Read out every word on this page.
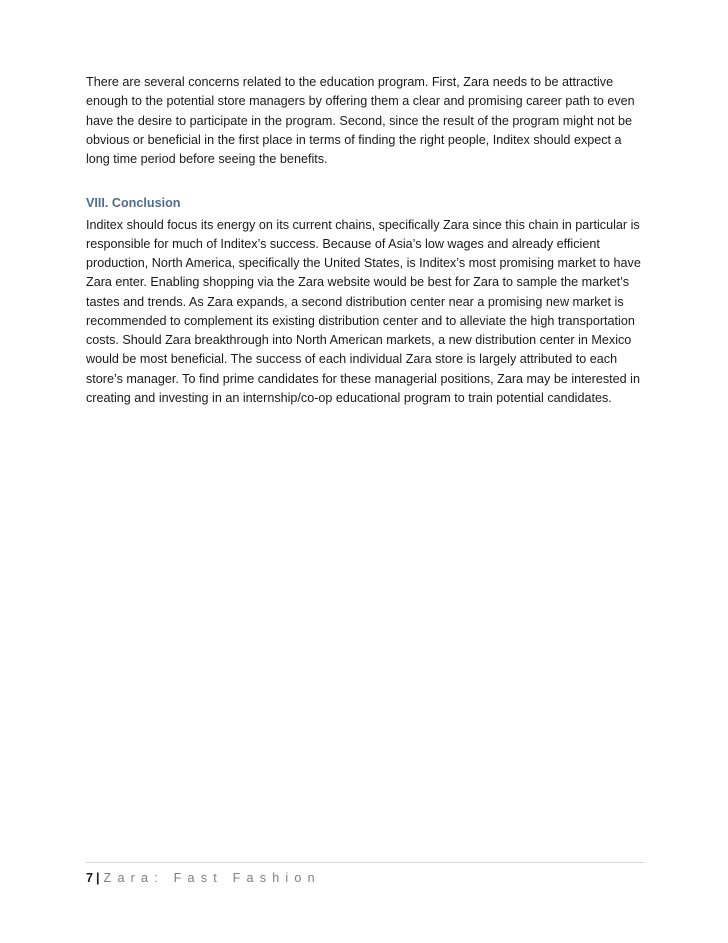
There are several concerns related to the education program. First, Zara needs to be attractive enough to the potential store managers by offering them a clear and promising career path to even have the desire to participate in the program. Second, since the result of the program might not be obvious or beneficial in the first place in terms of finding the right people, Inditex should expect a long time period before seeing the benefits.

VIII. Conclusion

Inditex should focus its energy on its current chains, specifically Zara since this chain in particular is responsible for much of Inditex’s success. Because of Asia’s low wages and already efficient production, North America, specifically the United States, is Inditex’s most promising market to have Zara enter. Enabling shopping via the Zara website would be best for Zara to sample the market’s tastes and trends. As Zara expands, a second distribution center near a promising new market is recommended to complement its existing distribution center and to alleviate the high transportation costs. Should Zara breakthrough into North American markets, a new distribution center in Mexico would be most beneficial. The success of each individual Zara store is largely attributed to each store’s manager. To find prime candidates for these managerial positions, Zara may be interested in creating and investing in an internship/co-op educational program to train potential candidates.

7 | Zara: Fast Fashion
